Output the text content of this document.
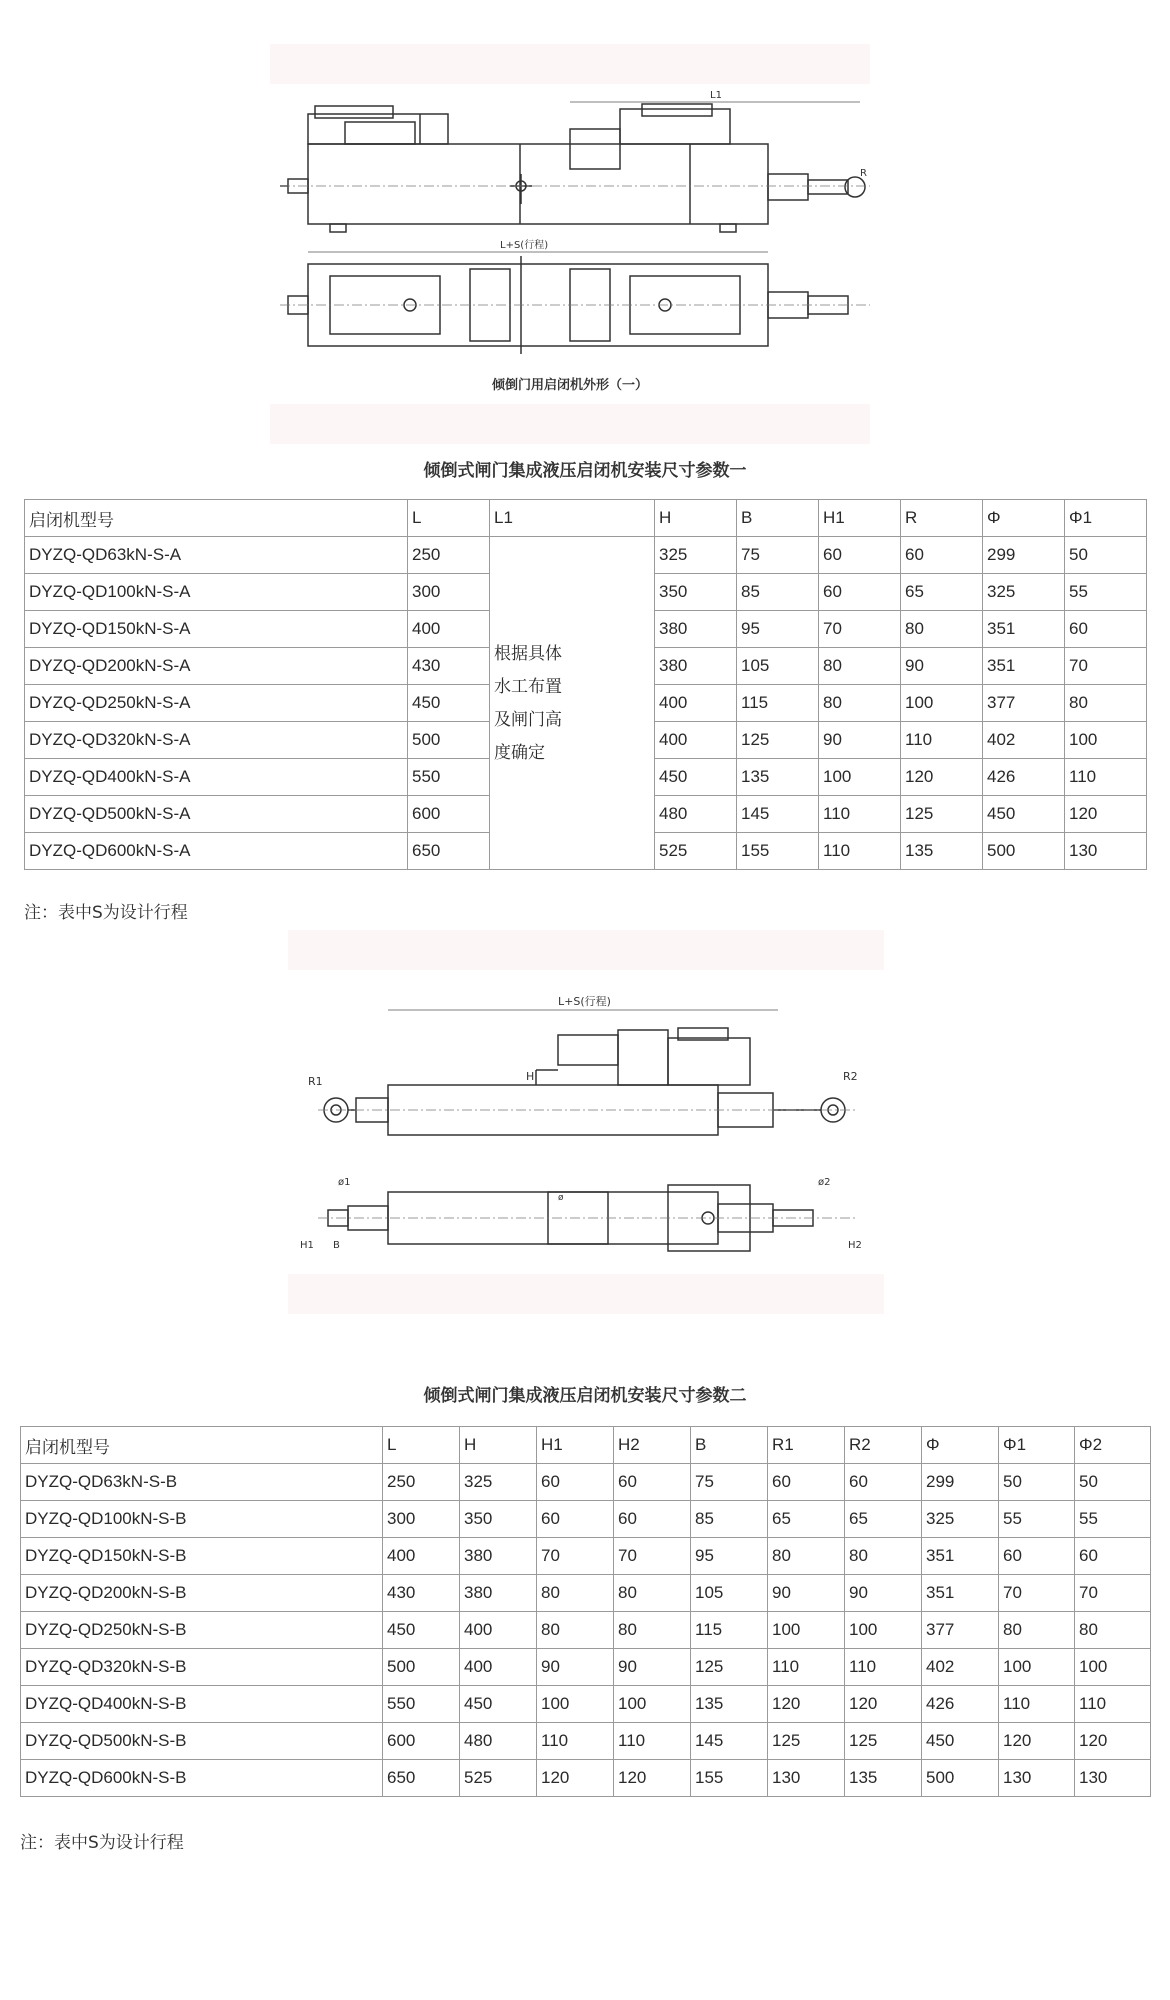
L1
R
L+S(行程)
倾倒门用启闭机外形（一）
倾倒式闸门集成液压启闭机安装尺寸参数一
启闭机型号	L	L1	H	B	H1	R	Φ	Φ1
DYZQ-QD63kN-S-A	250	根据具体
水工布置
及闸门高
度确定	325	75	60	60	299	50
DYZQ-QD100kN-S-A	300		350	85	60	65	325	55
DYZQ-QD150kN-S-A	400		380	95	70	80	351	60
DYZQ-QD200kN-S-A	430		380	105	80	90	351	70
DYZQ-QD250kN-S-A	450		400	115	80	100	377	80
DYZQ-QD320kN-S-A	500		400	125	90	110	402	100
DYZQ-QD400kN-S-A	550		450	135	100	120	426	110
DYZQ-QD500kN-S-A	600		480	145	110	125	450	120
DYZQ-QD600kN-S-A	650		525	155	110	135	500	130
注：表中S为设计行程
L+S(行程)
R1	R2
H
ø1	ø2
ø
H1	H2
B
倾倒式闸门集成液压启闭机安装尺寸参数二
启闭机型号	L	H	H1	H2	B	R1	R2	Φ	Φ1	Φ2
DYZQ-QD63kN-S-B	250	325	60	60	75	60	60	299	50	50
DYZQ-QD100kN-S-B	300	350	60	60	85	65	65	325	55	55
DYZQ-QD150kN-S-B	400	380	70	70	95	80	80	351	60	60
DYZQ-QD200kN-S-B	430	380	80	80	105	90	90	351	70	70
DYZQ-QD250kN-S-B	450	400	80	80	115	100	100	377	80	80
DYZQ-QD320kN-S-B	500	400	90	90	125	110	110	402	100	100
DYZQ-QD400kN-S-B	550	450	100	100	135	120	120	426	110	110
DYZQ-QD500kN-S-B	600	480	110	110	145	125	125	450	120	120
DYZQ-QD600kN-S-B	650	525	120	120	155	130	135	500	130	130
注：表中S为设计行程
